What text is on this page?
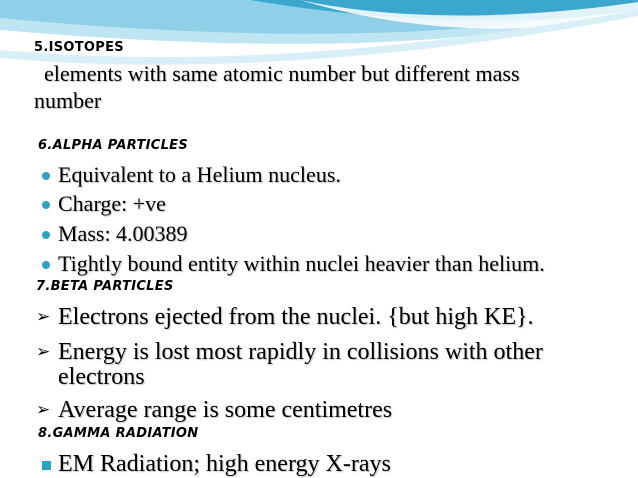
5.ISOTOPES
elements with same atomic number but different mass
number
6.ALPHA PARTICLES
Equivalent to a Helium nucleus.
Charge: +ve
Mass: 4.00389
Tightly bound entity within nuclei heavier than helium.
7.BETA PARTICLES
➢ Electrons ejected from the nuclei. {but high KE}.
➢ Energy is lost most rapidly in collisions with other
electrons
➢ Average range is some centimetres
8.GAMMA RADIATION
EM Radiation; high energy X-rays
